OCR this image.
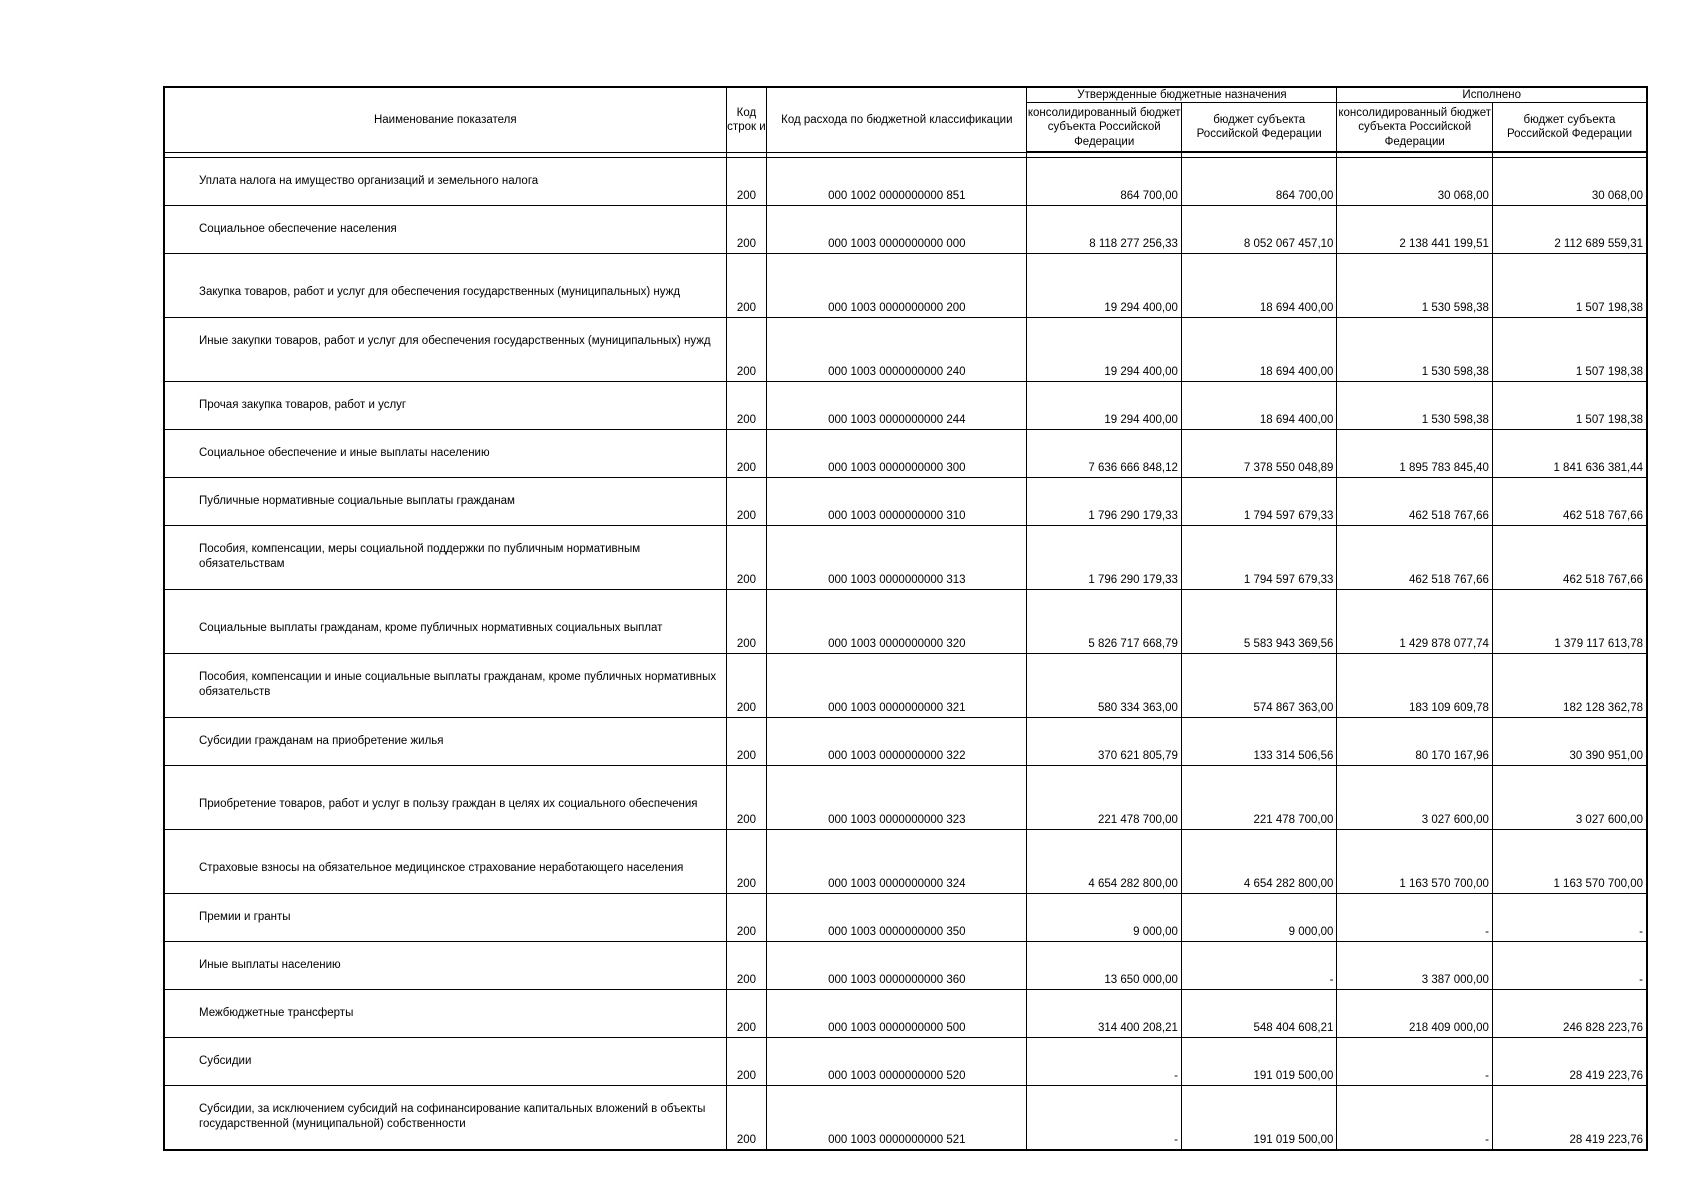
Наименование показателя	Код строк и	Код расхода по бюджетной классификации	Утвержденные бюджетные назначения		Исполнено	
			консолидированный бюджет субъекта Российской Федерации	бюджет субъекта Российской Федерации	консолидированный бюджет субъекта Российской Федерации	бюджет субъекта Российской Федерации

Уплата налога на имущество организаций и земельного налога	200	000 1002 0000000000 851	864 700,00	864 700,00	30 068,00	30 068,00
Социальное обеспечение населения	200	000 1003 0000000000 000	8 118 277 256,33	8 052 067 457,10	2 138 441 199,51	2 112 689 559,31
Закупка товаров, работ и услуг для обеспечения государственных (муниципальных) нужд	200	000 1003 0000000000 200	19 294 400,00	18 694 400,00	1 530 598,38	1 507 198,38
Иные закупки товаров, работ и услуг для обеспечения государственных (муниципальных) нужд	200	000 1003 0000000000 240	19 294 400,00	18 694 400,00	1 530 598,38	1 507 198,38
Прочая закупка товаров, работ и услуг	200	000 1003 0000000000 244	19 294 400,00	18 694 400,00	1 530 598,38	1 507 198,38
Социальное обеспечение и иные выплаты населению	200	000 1003 0000000000 300	7 636 666 848,12	7 378 550 048,89	1 895 783 845,40	1 841 636 381,44
Публичные нормативные социальные выплаты гражданам	200	000 1003 0000000000 310	1 796 290 179,33	1 794 597 679,33	462 518 767,66	462 518 767,66
Пособия, компенсации, меры социальной поддержки по публичным нормативным обязательствам	200	000 1003 0000000000 313	1 796 290 179,33	1 794 597 679,33	462 518 767,66	462 518 767,66
Социальные выплаты гражданам, кроме публичных нормативных социальных выплат	200	000 1003 0000000000 320	5 826 717 668,79	5 583 943 369,56	1 429 878 077,74	1 379 117 613,78
Пособия, компенсации и иные социальные выплаты гражданам, кроме публичных нормативных обязательств	200	000 1003 0000000000 321	580 334 363,00	574 867 363,00	183 109 609,78	182 128 362,78
Субсидии гражданам на приобретение жилья	200	000 1003 0000000000 322	370 621 805,79	133 314 506,56	80 170 167,96	30 390 951,00
Приобретение товаров, работ и услуг в пользу граждан в целях их социального обеспечения	200	000 1003 0000000000 323	221 478 700,00	221 478 700,00	3 027 600,00	3 027 600,00
Страховые взносы на обязательное медицинское страхование неработающего населения	200	000 1003 0000000000 324	4 654 282 800,00	4 654 282 800,00	1 163 570 700,00	1 163 570 700,00
Премии и гранты	200	000 1003 0000000000 350	9 000,00	9 000,00	-	-
Иные выплаты населению	200	000 1003 0000000000 360	13 650 000,00	-	3 387 000,00	-
Межбюджетные трансферты	200	000 1003 0000000000 500	314 400 208,21	548 404 608,21	218 409 000,00	246 828 223,76
Субсидии	200	000 1003 0000000000 520	-	191 019 500,00	-	28 419 223,76
Субсидии, за исключением субсидий на софинансирование капитальных вложений в объекты государственной (муниципальной) собственности	200	000 1003 0000000000 521	-	191 019 500,00	-	28 419 223,76
